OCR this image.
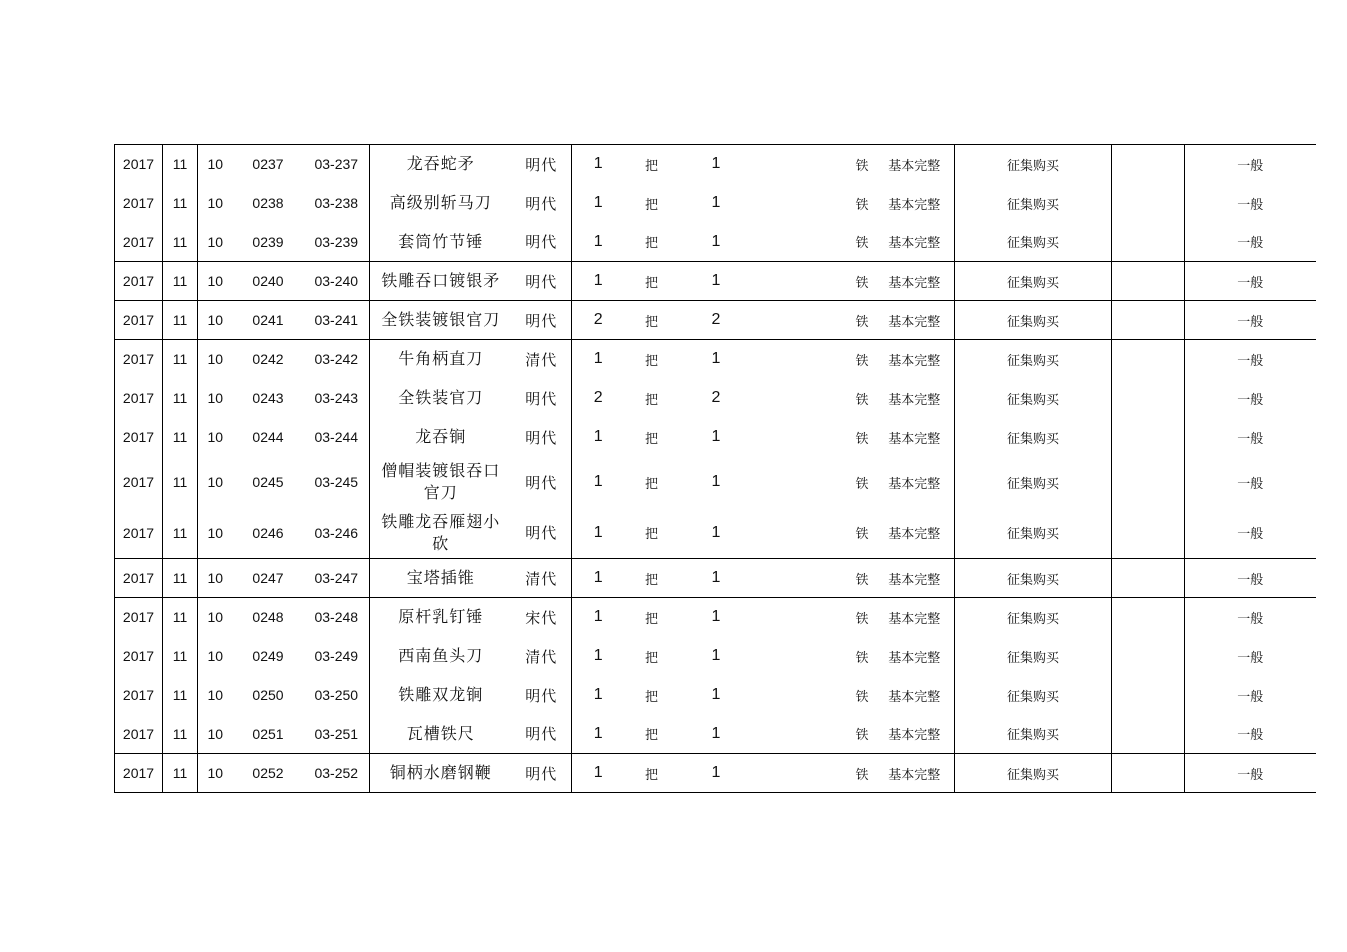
2017	11	10	0237	03-237	龙吞蛇矛	明代	1	把	1		铁	基本完整	征集购买		一般
2017	11	10	0238	03-238	高级别斩马刀	明代	1	把	1		铁	基本完整	征集购买		一般
2017	11	10	0239	03-239	套筒竹节锤	明代	1	把	1		铁	基本完整	征集购买		一般
2017	11	10	0240	03-240	铁雕吞口镀银矛	明代	1	把	1		铁	基本完整	征集购买		一般
2017	11	10	0241	03-241	全铁装镀银官刀	明代	2	把	2		铁	基本完整	征集购买		一般
2017	11	10	0242	03-242	牛角柄直刀	清代	1	把	1		铁	基本完整	征集购买		一般
2017	11	10	0243	03-243	全铁装官刀	明代	2	把	2		铁	基本完整	征集购买		一般
2017	11	10	0244	03-244	龙吞锏	明代	1	把	1		铁	基本完整	征集购买		一般
2017	11	10	0245	03-245	僧帽装镀银吞口官刀	明代	1	把	1		铁	基本完整	征集购买		一般
2017	11	10	0246	03-246	铁雕龙吞雁翅小砍	明代	1	把	1		铁	基本完整	征集购买		一般
2017	11	10	0247	03-247	宝塔插锥	清代	1	把	1		铁	基本完整	征集购买		一般
2017	11	10	0248	03-248	原杆乳钉锤	宋代	1	把	1		铁	基本完整	征集购买		一般
2017	11	10	0249	03-249	西南鱼头刀	清代	1	把	1		铁	基本完整	征集购买		一般
2017	11	10	0250	03-250	铁雕双龙锏	明代	1	把	1		铁	基本完整	征集购买		一般
2017	11	10	0251	03-251	瓦槽铁尺	明代	1	把	1		铁	基本完整	征集购买		一般
2017	11	10	0252	03-252	铜柄水磨钢鞭	明代	1	把	1		铁	基本完整	征集购买		一般
